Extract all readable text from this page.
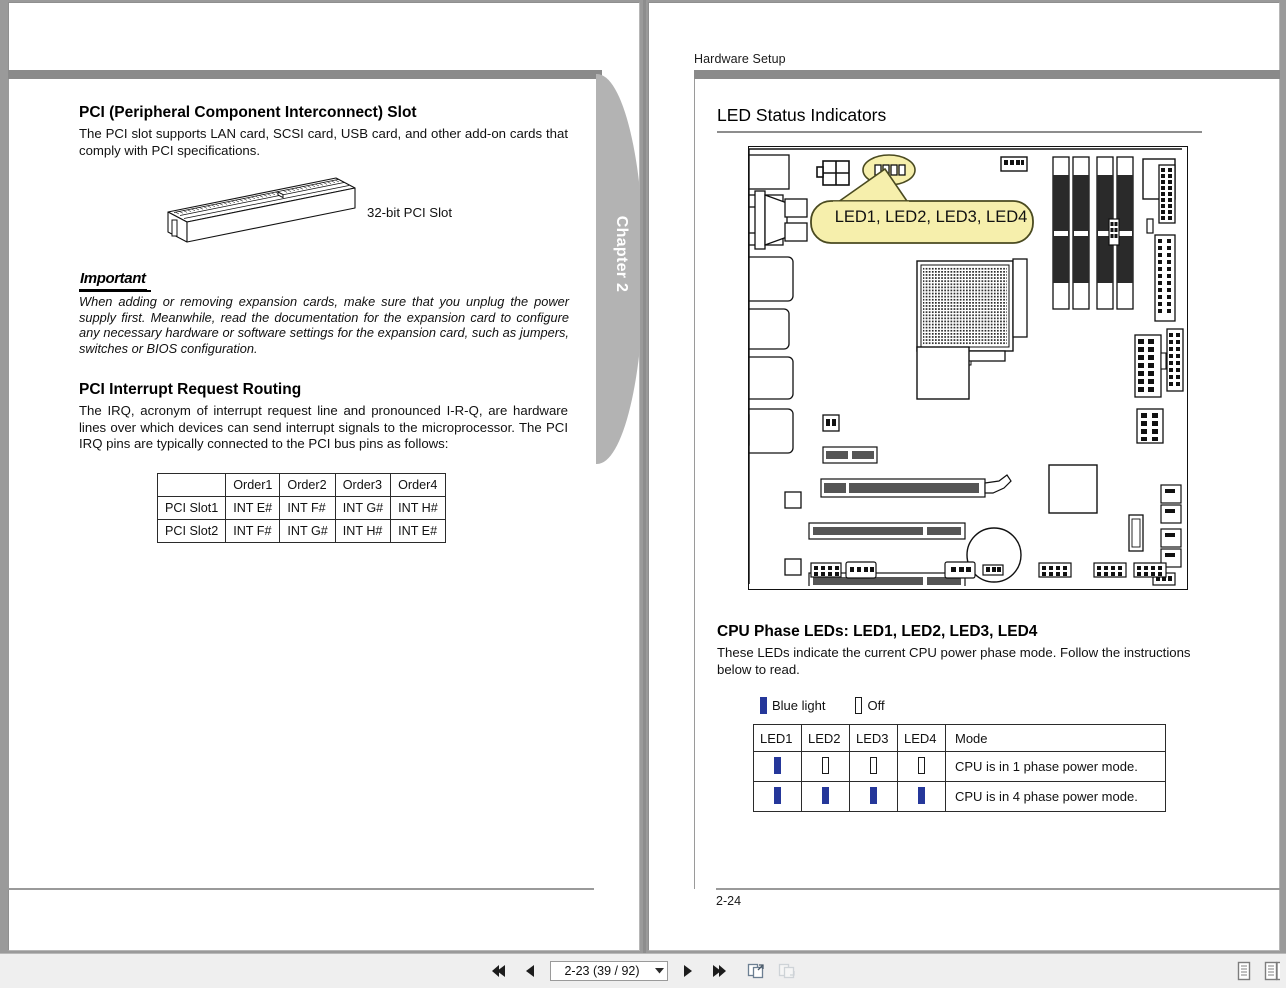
PCI (Peripheral Component Interconnect) Slot

The PCI slot supports LAN card, SCSI card, USB card, and other add-on cards that comply with PCI specifications.

32-bit PCI Slot
Important
When adding or removing expansion cards, make sure that you unplug the power supply first. Meanwhile, read the documentation for the expansion card to configure any necessary hardware or software settings for the expansion card, such as jumpers, switches or BIOS configuration.
PCI Interrupt Request Routing

The IRQ, acronym of interrupt request line and pronounced I-R-Q, are hardware lines over which devices can send interrupt signals to the microprocessor. The PCI IRQ pins are typically connected to the PCI bus pins as follows:

	Order1	Order2	Order3	Order4
PCI Slot1	INT E#	INT F#	INT G#	INT H#
PCI Slot2	INT F#	INT G#	INT H#	INT E#
Chapter 2
Hardware Setup
LED Status Indicators
LED1, LED2, LED3, LED4
CPU Phase LEDs: LED1, LED2, LED3, LED4

These LEDs indicate the current CPU power phase mode. Follow the instructions below to read.

Blue light	Off
LED1	LED2	LED3	LED4	Mode
				CPU is in 1 phase power mode.
				CPU is in 4 phase power mode.
2-24
2-23 (39 / 92)
